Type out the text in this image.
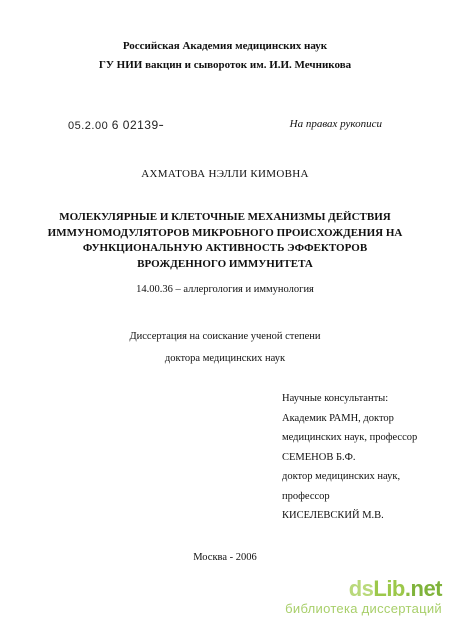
Российская Академия медицинских наук
ГУ НИИ вакцин и сывороток им. И.И. Мечникова
05.2.00 6 02139-	На правах рукописи
АХМАТОВА НЭЛЛИ КИМОВНА
МОЛЕКУЛЯРНЫЕ И КЛЕТОЧНЫЕ МЕХАНИЗМЫ ДЕЙСТВИЯ
ИММУНОМОДУЛЯТОРОВ МИКРОБНОГО ПРОИСХОЖДЕНИЯ НА
ФУНКЦИОНАЛЬНУЮ АКТИВНОСТЬ ЭФФЕКТОРОВ
ВРОЖДЕННОГО ИММУНИТЕТА
14.00.36 – аллергология и иммунология
Диссертация на соискание ученой степени
доктора медицинских наук
Научные консультанты:
Академик РАМН, доктор
медицинских наук, профессор
СЕМЕНОВ Б.Ф.
доктор медицинских наук,
профессор
КИСЕЛЕВСКИЙ М.В.
Москва - 2006
dsLib.net
библиотека диссертаций
